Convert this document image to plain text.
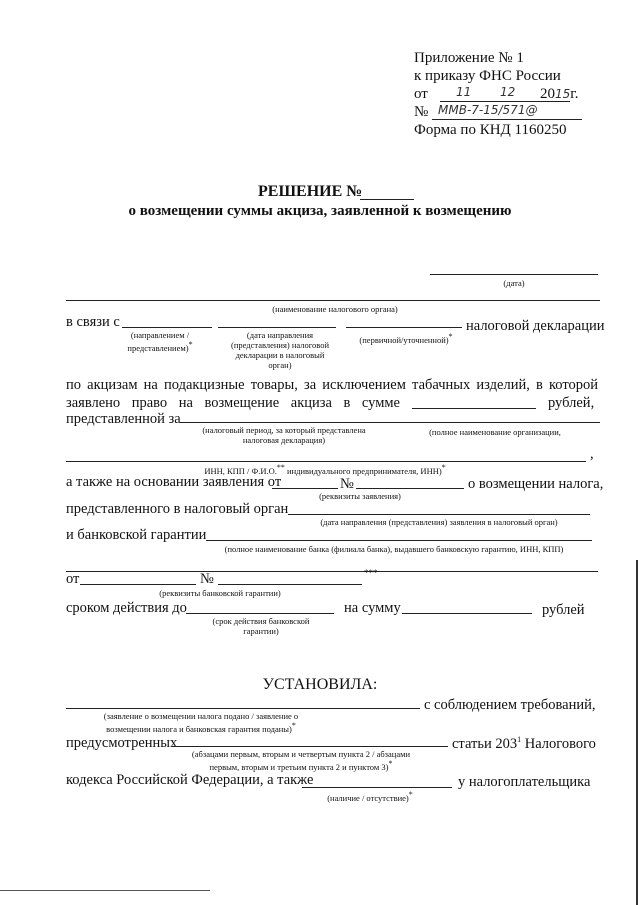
Приложение № 1
к приказу ФНС России
от 11 12 2015г.
№ ММВ-7-15/571@
Форма по КНД 1160250
РЕШЕНИЕ №
о возмещении суммы акциза, заявленной к возмещению
(дата)
(наименование налогового органа)
в связи с	налоговой декларации
(направлением /представлением)*
(дата направления (представления) налоговой декларации в налоговый орган)
(первичной/уточненной)*
по акцизам на подакцизные товары, за исключением табачных изделий, в которой
заявлено право на возмещение акциза в сумме	рублей,
представленной за
(налоговый период, за который представлена налоговая декларация)
(полное наименование организации,
,
ИНН, КПП / Ф.И.О.** индивидуального предпринимателя, ИНН)*
а также на основании заявления от	№	о возмещении налога,
(реквизиты заявления)
представленного в налоговый орган
(дата направления (представления) заявления в налоговый орган)
и банковской гарантии
(полное наименование банка (филиала банка), выдавшего банковскую гарантию, ИНН, КПП)
от	№	***
(реквизиты банковской гарантии)
сроком действия до	на сумму	рублей
(срок действия банковской гарантии)
УСТАНОВИЛА:
с соблюдением требований,
(заявление о возмещении налога подано / заявление о возмещении налога и банковская гарантия поданы)*
предусмотренных	статьи $203^1$ Налогового
(абзацами первым, вторым и четвертым пункта 2 / абзацами первым, вторым и третьим пункта 2 и пунктом 3)*
кодекса Российской Федерации, а также	у налогоплательщика
(наличие / отсутствие)*
